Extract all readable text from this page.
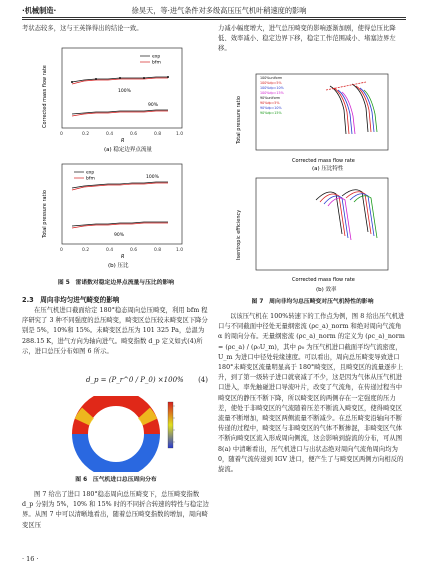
·机械制造·	徐昊天，等·进气条件对多级高压压气机叶稍速度的影响

考状态较多，这与王英锋得出的结论一致。

Corrected mass flow rate
0	0.2	0.4	0.6	0.8	1.0
R
exp
bfm
100%
90%
(a) 稳定边界点流量
Total pressure ratio
0	0.2	0.4	0.6	0.8	1.0
R
exp
bfm	100%
90%
(b) 压比
图 5　雷诺数对稳定边界点流量与压比的影响
2.3　周向非均匀进气畸变的影响

在压气机进口截面给定 180°稳态周向总压畸变，利用 bfm 程序研究了 3 种不同强度的总压畸变，畸变区总压较未畸变区下降分别是 5%，10%和 15%。未畸变区总压为 101 325 Pa，总温为 288.15 K，进气方向为轴向进气。畸变指数 d_p 定义如式(4)所示，进口总压分布如图 6 所示。

d_p = (P_r^0 / P_0) ×100% (4)
图 6　压气机进口总压周向分布

图 7 给出了进口 180°稳态周向总压畸变下，总压畸变指数 d_p 分别为 5%，10% 和 15% 时的不同折合转速的特性与稳定边界。从图 7 中可以清晰地看出，随着总压畸变指数的增加，周向畸变区压

力减小幅度增大，进气总压畸变的影响逐渐加剧，使得总压比降低、效率减小、稳定边界下移，稳定工作范围减小、堵塞边界左移。

Total pressure ratio
Corrected mass flow rate
100%uniform
100%dp=5%
100%dp=10%
100%dp=15%
90%uniform
90%dp=5%
90%dp=10%
90%dp=15%
(a) 压比特性
Isentropic efficiency
Corrected mass flow rate
(b) 效率
图 7　周向非均匀总压畸变对压气机特性的影响

以该压气机在 100%转速下的工作点为例，图 8 给出压气机进口与不同截面中径处无量纲密流 (ρc_a)_norm 和绝对周向气流角 α 的周向分布。无量纲密流 (ρc_a)_norm 的定义为 (ρc_a)_norm = (ρc_a) / (ρ₀U_m)，其中 ρ₀ 为压气机进口截面平均气流密度，U_m 为进口中径处轮缘速度。可以看出，周向总压畸变导致进口 180°未畸变区流量明显高于 180°畸变区，且畸变区的流量逐步上升，到了第一级转子进口就衰减了不少，这是因为气体从压气机进口进入，率先触碰进口导流叶片，改变了气流角，在传递过程当中畸变区的静压不断下降，所以畸变区的两侧存在一定强度的压力差，使处于非畸变区的气流随着压差不断流入畸变区，使得畸变区流量不断增加，畸变区两侧流量不断减少。在总压畸变沿轴向不断传递的过程中，畸变区与非畸变区的气体不断掺混，非畸变区气体不断向畸变区流入形成周向侧流，这会影响到旋流的分布，可从图 8(a) 中清晰看出，压气机进口与出状态绝对周向气流角周向均为 0，随着气流传递到 IGV 进口，便产生了与畸变区两侧方向相反的旋流。

· 16 ·
